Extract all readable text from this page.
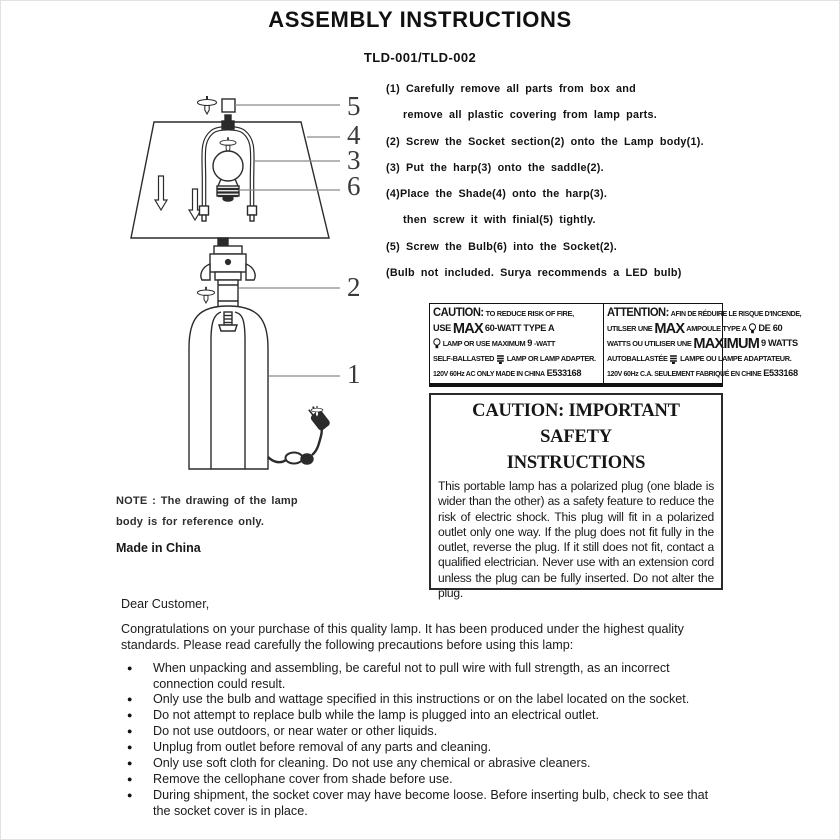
ASSEMBLY INSTRUCTIONS
TLD-001/TLD-002
5
4
3
6
2
1
(1) Carefully remove all parts from box and
remove all plastic covering from lamp parts.
(2) Screw the Socket section(2) onto the Lamp body(1).
(3) Put the harp(3) onto the saddle(2).
(4)Place the Shade(4) onto the harp(3).
then screw it with finial(5) tightly.
(5) Screw the Bulb(6) into the Socket(2).
(Bulb not included. Surya recommends a LED bulb)
CAUTION: TO REDUCE RISK OF FIRE,
USE MAX 60-WATT TYPE A
LAMP OR USE MAXIMUM 9 -WATT
SELF-BALLASTED LAMP OR LAMP ADAPTER.
120V 60Hz AC ONLY MADE IN CHINA E533168
ATTENTION: AFIN DE RÉDUIRE LE RISQUE D'INCENDE,
UTILSER UNE MAX AMPOULE TYPE A DE 60
WATTS OU UTILISER UNE MAXIMUM 9 WATTS
AUTOBALLASTÉE LAMPE OU LAMPE ADAPTATEUR.
120V 60Hz C.A. SEULEMENT FABRIQUÉ EN CHINE E533168
CAUTION: IMPORTANT SAFETY
INSTRUCTIONS

This portable lamp has a polarized plug (one blade is wider than the other) as a safety feature to reduce the risk of electric shock. This plug will fit in a polarized outlet only one way. If the plug does not fit fully in the outlet, reverse the plug. If it still does not fit, contact a qualified electrician. Never use with an extension cord unless the plug can be fully inserted. Do not alter the plug.

NOTE : The drawing of the lamp
body is for reference only.
Made in China

Dear Customer,

Congratulations on your purchase of this quality lamp. It has been produced under the highest quality standards. Please read carefully the following precautions before using this lamp:

●	When unpacking and assembling, be careful not to pull wire with full strength, as an incorrect connection could result.
●	Only use the bulb and wattage specified in this instructions or on the label located on the socket.
●	Do not attempt to replace bulb while the lamp is plugged into an electrical outlet.
●	Do not use outdoors, or near water or other liquids.
●	Unplug from outlet before removal of any parts and cleaning.
●	Only use soft cloth for cleaning. Do not use any chemical or abrasive cleaners.
●	Remove the cellophane cover from shade before use.
●	During shipment, the socket cover may have become loose. Before inserting bulb, check to see that the socket cover is in place.
